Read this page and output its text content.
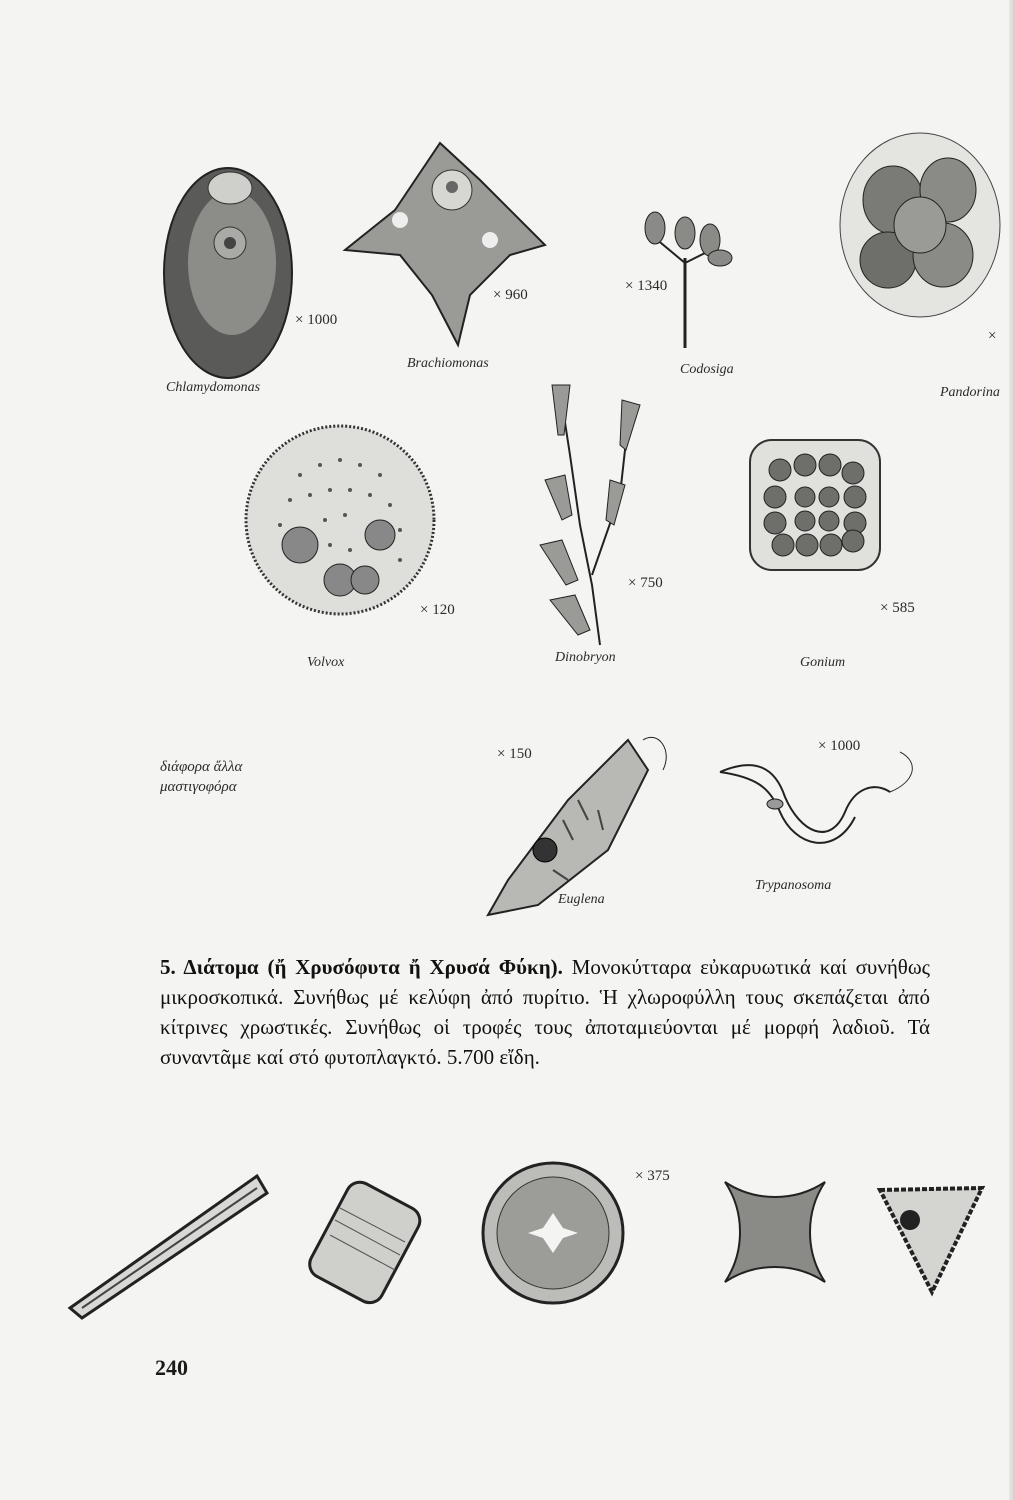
× 1000
Chlamydomonas
× 960
Brachiomonas
× 1340
Codosiga
×
Pandorina
× 120
Volvox
× 750
Dinobryon
× 585
Gonium
διάφορα ἄλλα
μαστιγοφόρα
× 150
Euglena
× 1000
Trypanosoma
5. Διάτομα (ἤ Χρυσόφυτα ἤ Χρυσά Φύκη). Μονοκύτταρα εὐκαρυωτικά καί συνήθως μικροσκοπικά. Συνήθως μέ κελύφη ἀπό πυρίτιο. Ἡ χλωροφύλλη τους σκεπάζεται ἀπό κίτρινες χρωστικές. Συνήθως οἱ τροφές τους ἀποταμιεύονται μέ μορφή λαδιοῦ. Τά συναντᾶμε καί στό φυτοπλαγκτό. 5.700 εἴδη.
× 375
240
